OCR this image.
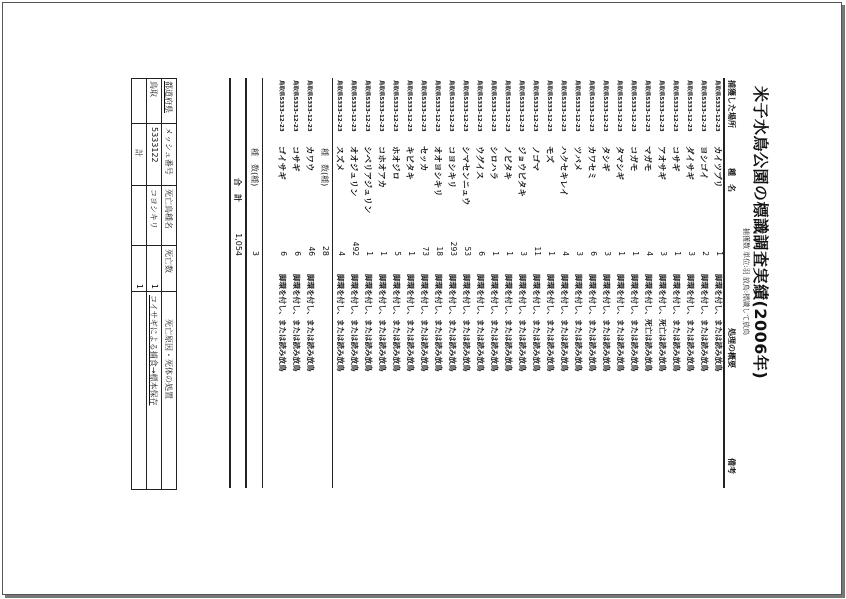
米子水鳥公園の標識調査実績(2006年)
捕獲数 単位:羽 放鳥:標識して放鳥
捕獲した場所
種　名
処理の概要
備考
鳥取県5333-12-23
カイツブリ
1
脚環を付し、または読み放鳥
鳥取県5333-12-23
ヨシゴイ
2
脚環を付し、または読み放鳥
鳥取県5333-12-23
ダイサギ
3
脚環を付し、または読み放鳥
鳥取県5333-12-23
コサギ
1
脚環を付し、または読み放鳥
鳥取県5333-12-23
アオサギ
3
脚環を付し、死亡は読み放鳥
鳥取県5333-12-23
マガモ
4
脚環を付し、死亡は読み放鳥
鳥取県5333-12-23
コガモ
1
脚環を付し、または読み放鳥
鳥取県5333-12-23
タマシギ
1
脚環を付し、または読み放鳥
鳥取県5333-12-23
タシギ
3
脚環を付し、または読み放鳥
鳥取県5333-12-23
カワセミ
6
脚環を付し、または読み放鳥
鳥取県5333-12-23
ツバメ
3
脚環を付し、または読み放鳥
鳥取県5333-12-23
ハクセキレイ
4
脚環を付し、または読み放鳥
鳥取県5333-12-23
モズ
1
脚環を付し、または読み放鳥
鳥取県5333-12-23
ノゴマ
11
脚環を付し、または読み放鳥
鳥取県5333-12-23
ジョウビタキ
3
脚環を付し、または読み放鳥
鳥取県5333-12-23
ノビタキ
1
脚環を付し、または読み放鳥
鳥取県5333-12-23
シロハラ
1
脚環を付し、または読み放鳥
鳥取県5333-12-23
ウグイス
6
脚環を付し、または読み放鳥
鳥取県5333-12-23
シマセンニュウ
53
脚環を付し、または読み放鳥
鳥取県5333-12-23
コヨシキリ
293
脚環を付し、または読み放鳥
鳥取県5333-12-23
オオヨシキリ
18
脚環を付し、または読み放鳥
鳥取県5333-12-23
セッカ
73
脚環を付し、または読み放鳥
鳥取県5333-12-23
キビタキ
1
脚環を付し、または読み放鳥
鳥取県5333-12-23
ホオジロ
5
脚環を付し、または読み放鳥
鳥取県5333-12-23
コホオアカ
1
脚環を付し、または読み放鳥
鳥取県5333-12-23
シベリアジュリン
1
脚環を付し、または読み放鳥
鳥取県5333-12-23
オオジュリン
492
脚環を付し、または読み放鳥
鳥取県5333-12-23
スズメ
4
脚環を付し、または読み放鳥
種　数(種)
28
鳥取県5333-12-23
カワウ
46
脚環を付し、または読み放鳥
鳥取県5333-12-23
コサギ
6
脚環を付し、または読み放鳥
鳥取県5333-12-23
ゴイサギ
6
脚環を付し、または読み放鳥
種　数(種)
3
合　計
1,054
都道府県
メッシュ番号
死亡鳥種名
死亡数
死亡原因・死体の処置
鳥取
5333122
コヨシキリ
1
コイサギによる捕食→標本保存
計
1
